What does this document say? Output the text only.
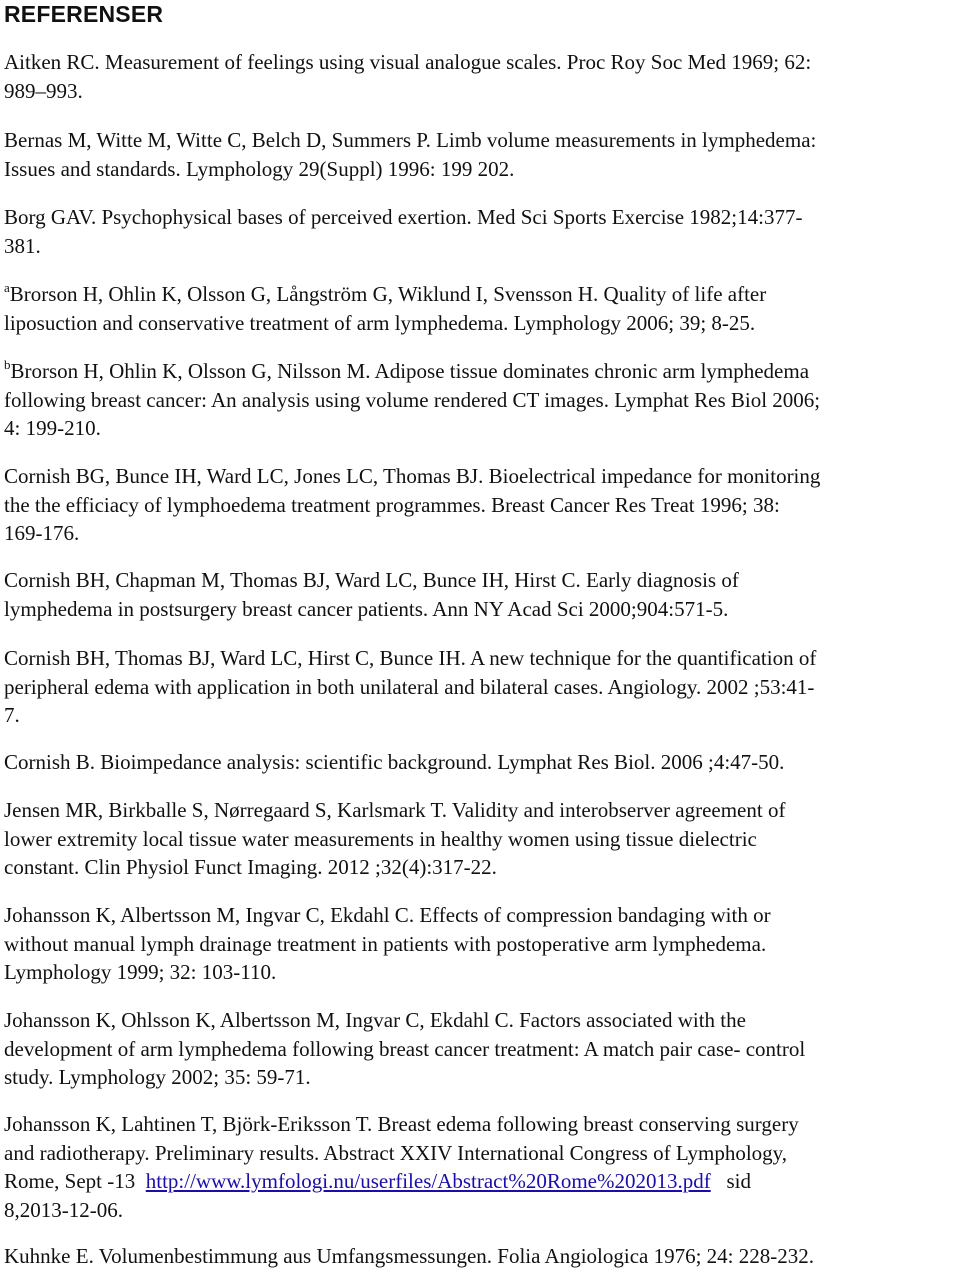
REFERENSER
Aitken RC. Measurement of feelings using visual analogue scales. Proc Roy Soc Med 1969; 62:
989–993.
Bernas M, Witte M, Witte C, Belch D, Summers P. Limb volume measurements in lymphedema:
Issues and standards. Lymphology 29(Suppl) 1996: 199 202.
Borg GAV. Psychophysical bases of perceived exertion. Med Sci Sports Exercise 1982;14:377-
381.
$^a$Brorson H, Ohlin K, Olsson G, Långström G, Wiklund I, Svensson H. Quality of life after
liposuction and conservative treatment of arm lymphedema. Lymphology 2006; 39; 8-25.
$^b$Brorson H, Ohlin K, Olsson G, Nilsson M. Adipose tissue dominates chronic arm lymphedema
following breast cancer: An analysis using volume rendered CT images. Lymphat Res Biol 2006;
4: 199-210.
Cornish BG, Bunce IH, Ward LC, Jones LC, Thomas BJ. Bioelectrical impedance for monitoring
the the efficiacy of lymphoedema treatment programmes. Breast Cancer Res Treat 1996; 38:
169-176.
Cornish BH, Chapman M, Thomas BJ, Ward LC, Bunce IH, Hirst C. Early diagnosis of
lymphedema in postsurgery breast cancer patients. Ann NY Acad Sci 2000;904:571-5.
Cornish BH, Thomas BJ, Ward LC, Hirst C, Bunce IH. A new technique for the quantification of
peripheral edema with application in both unilateral and bilateral cases. Angiology. 2002 ;53:41-
7.
Cornish B. Bioimpedance analysis: scientific background. Lymphat Res Biol. 2006 ;4:47-50.
Jensen MR, Birkballe S, Nørregaard S, Karlsmark T. Validity and interobserver agreement of
lower extremity local tissue water measurements in healthy women using tissue dielectric
constant. Clin Physiol Funct Imaging. 2012 ;32(4):317-22.
Johansson K, Albertsson M, Ingvar C, Ekdahl C. Effects of compression bandaging with or
without manual lymph drainage treatment in patients with postoperative arm lymphedema.
Lymphology 1999; 32: 103-110.
Johansson K, Ohlsson K, Albertsson M, Ingvar C, Ekdahl C. Factors associated with the
development of arm lymphedema following breast cancer treatment: A match pair case- control
study. Lymphology 2002; 35: 59-71.
Johansson K, Lahtinen T, Björk-Eriksson T. Breast edema following breast conserving surgery
and radiotherapy. Preliminary results. Abstract XXIV International Congress of Lymphology,
Rome, Sept -13  http://www.lymfologi.nu/userfiles/Abstract%20Rome%202013.pdf   sid
8,2013-12-06.
Kuhnke E. Volumenbestimmung aus Umfangsmessungen. Folia Angiologica 1976; 24: 228-232.
